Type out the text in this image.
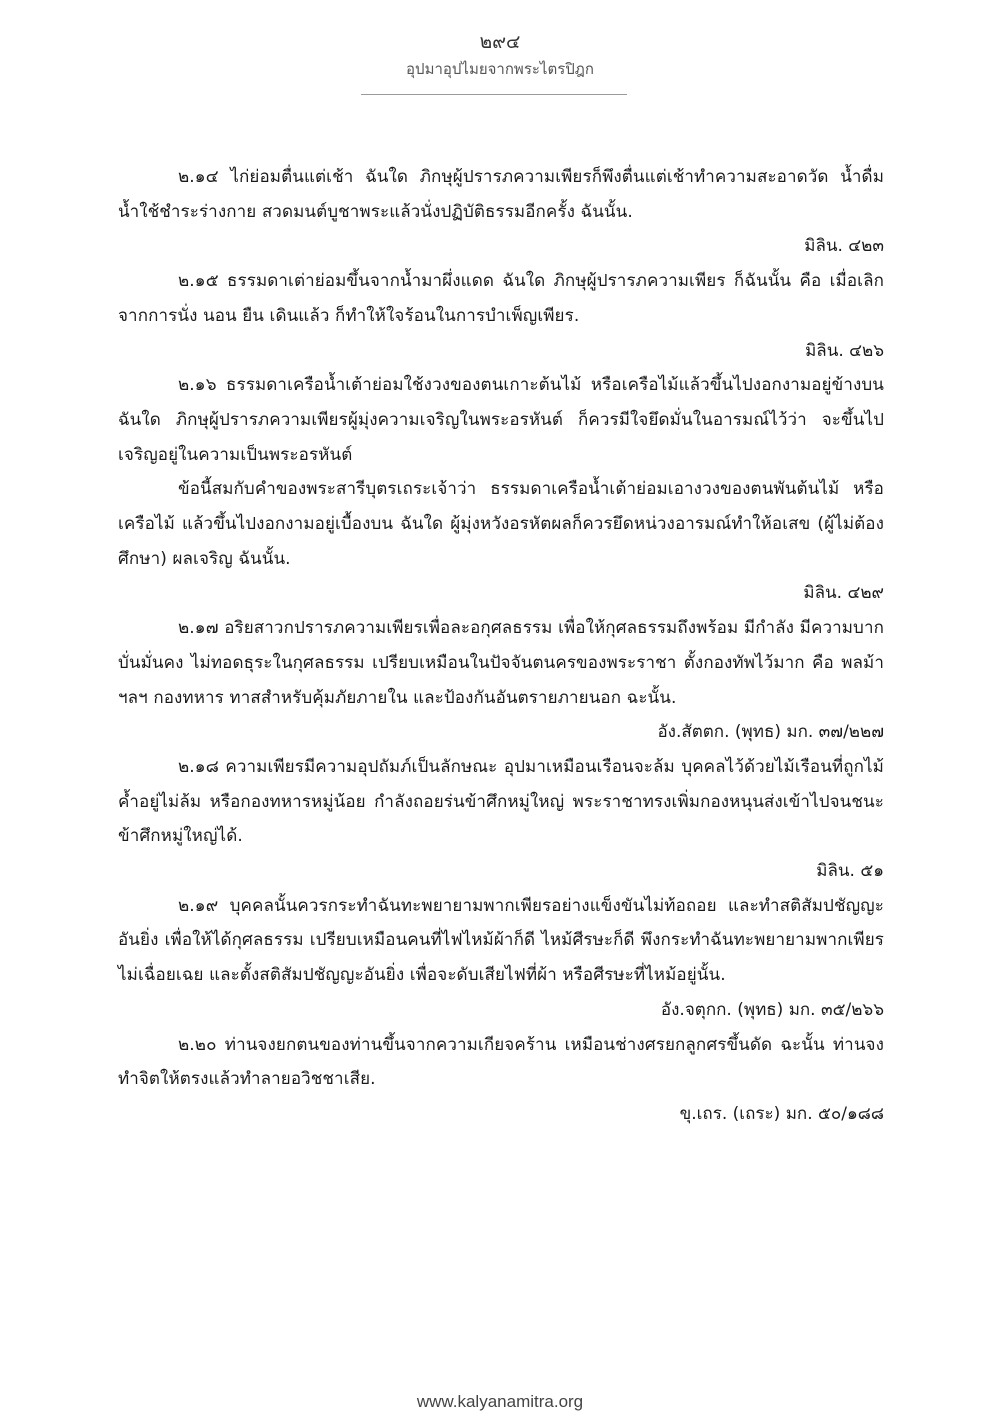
๒๙๔
อุปมาอุปไมยจากพระไตรปิฎก

๒.๑๔ ไก่ย่อมตื่นแต่เช้า ฉันใด ภิกษุผู้ปรารภความเพียรก็พึงตื่นแต่เช้าทำความสะอาดวัด น้ำดื่ม น้ำใช้ชำระร่างกาย สวดมนต์บูชาพระแล้วนั่งปฏิบัติธรรมอีกครั้ง ฉันนั้น.

มิลิน. ๔๒๓

๒.๑๕ ธรรมดาเต่าย่อมขึ้นจากน้ำมาผึ่งแดด ฉันใด ภิกษุผู้ปรารภความเพียร ก็ฉันนั้น คือ เมื่อเลิกจากการนั่ง นอน ยืน เดินแล้ว ก็ทำให้ใจร้อนในการบำเพ็ญเพียร.

มิลิน. ๔๒๖

๒.๑๖ ธรรมดาเครือน้ำเต้าย่อมใช้งวงของตนเกาะต้นไม้ หรือเครือไม้แล้วขึ้นไปงอกงามอยู่ข้างบน ฉันใด ภิกษุผู้ปรารภความเพียรผู้มุ่งความเจริญในพระอรหันต์ ก็ควรมีใจยึดมั่นในอารมณ์ไว้ว่า จะขึ้นไปเจริญอยู่ในความเป็นพระอรหันต์

ข้อนี้สมกับคำของพระสารีบุตรเถระเจ้าว่า ธรรมดาเครือน้ำเต้าย่อมเอางวงของตนพันต้นไม้ หรือเครือไม้ แล้วขึ้นไปงอกงามอยู่เบื้องบน ฉันใด ผู้มุ่งหวังอรหัตผลก็ควรยึดหน่วงอารมณ์ทำให้อเสข (ผู้ไม่ต้องศึกษา) ผลเจริญ ฉันนั้น.

มิลิน. ๔๒๙

๒.๑๗ อริยสาวกปรารภความเพียรเพื่อละอกุศลธรรม เพื่อให้กุศลธรรมถึงพร้อม มีกำลัง มีความบากบั่นมั่นคง ไม่ทอดธุระในกุศลธรรม เปรียบเหมือนในปัจจันตนครของพระราชา ตั้งกองทัพไว้มาก คือ พลม้า ฯลฯ กองทหาร ทาสสำหรับคุ้มภัยภายใน และป้องกันอันตรายภายนอก ฉะนั้น.

อัง.สัตตก. (พุทธ) มก. ๓๗/๒๒๗

๒.๑๘ ความเพียรมีความอุปถัมภ์เป็นลักษณะ อุปมาเหมือนเรือนจะล้ม บุคคลไว้ด้วยไม้เรือนที่ถูกไม้ค้ำอยู่ไม่ล้ม หรือกองทหารหมู่น้อย กำลังถอยร่นข้าศึกหมู่ใหญ่ พระราชาทรงเพิ่มกองหนุนส่งเข้าไปจนชนะข้าศึกหมู่ใหญ่ได้.

มิลิน. ๕๑

๒.๑๙ บุคคลนั้นควรกระทำฉันทะพยายามพากเพียรอย่างแข็งขันไม่ท้อถอย และทำสติสัมปชัญญะอันยิ่ง เพื่อให้ได้กุศลธรรม เปรียบเหมือนคนที่ไฟไหม้ผ้าก็ดี ไหม้ศีรษะก็ดี พึงกระทำฉันทะพยายามพากเพียรไม่เฉื่อยเฉย และตั้งสติสัมปชัญญะอันยิ่ง เพื่อจะดับเสียไฟที่ผ้า หรือศีรษะที่ไหม้อยู่นั้น.

อัง.จตุกก. (พุทธ) มก. ๓๕/๒๖๖

๒.๒๐ ท่านจงยกตนของท่านขึ้นจากความเกียจคร้าน เหมือนช่างศรยกลูกศรขึ้นดัด ฉะนั้น ท่านจงทำจิตให้ตรงแล้วทำลายอวิชชาเสีย.

ขุ.เถร. (เถระ) มก. ๕๐/๑๘๘

www.kalyanamitra.org
